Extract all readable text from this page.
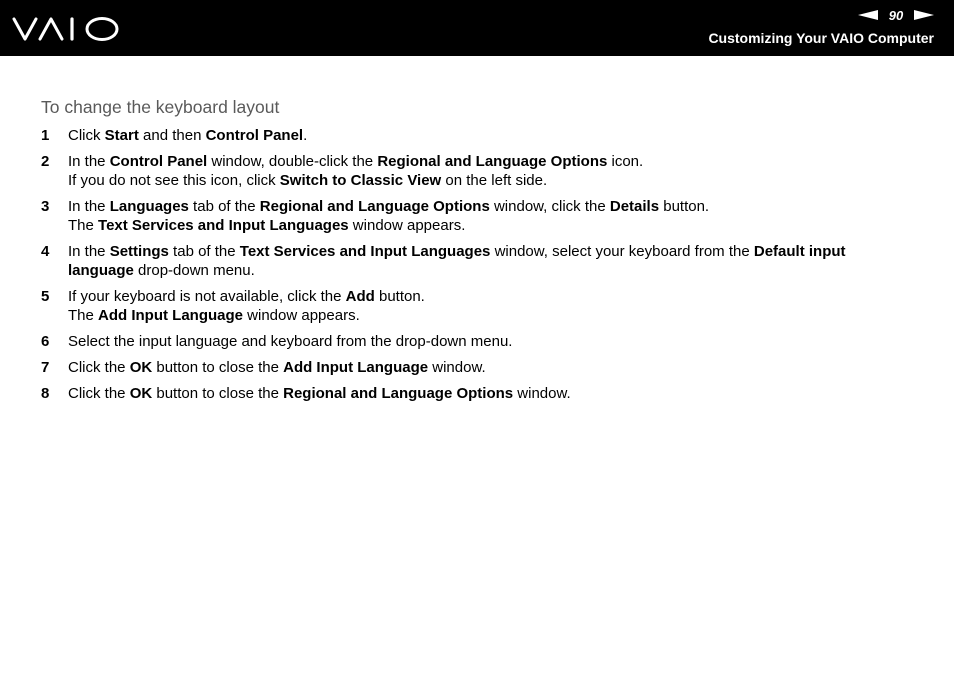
90
Customizing Your VAIO Computer
To change the keyboard layout
1 Click Start and then Control Panel.
2 In the Control Panel window, double-click the Regional and Language Options icon.
If you do not see this icon, click Switch to Classic View on the left side.
3 In the Languages tab of the Regional and Language Options window, click the Details button.
The Text Services and Input Languages window appears.
4 In the Settings tab of the Text Services and Input Languages window, select your keyboard from the Default input
language drop-down menu.
5 If your keyboard is not available, click the Add button.
The Add Input Language window appears.
6 Select the input language and keyboard from the drop-down menu.
7 Click the OK button to close the Add Input Language window.
8 Click the OK button to close the Regional and Language Options window.
